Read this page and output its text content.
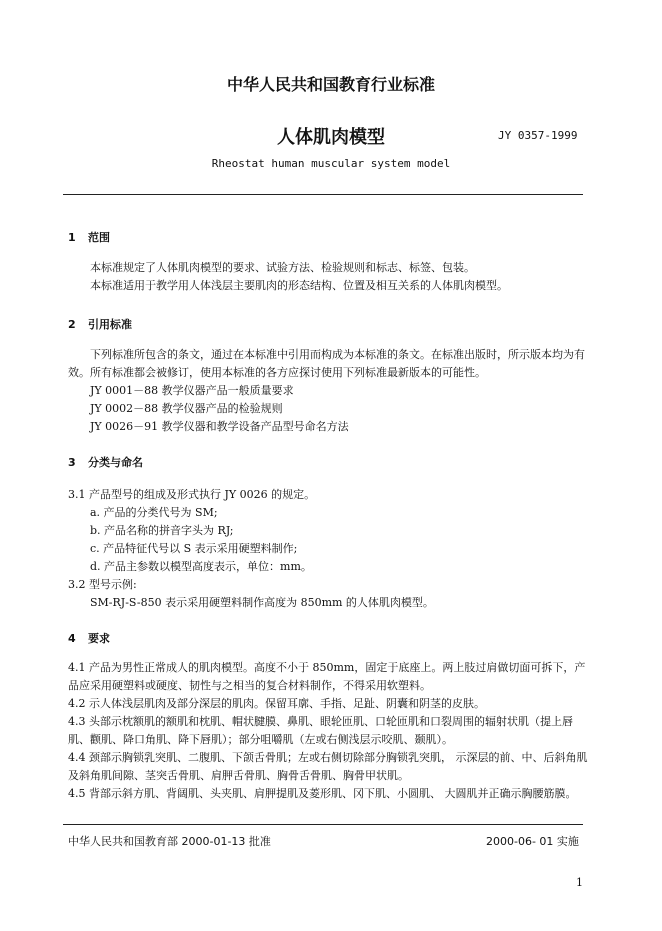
中华人民共和国教育行业标准
人体肌肉模型	JY 0357-1999
Rheostat human muscular system model
1 范围
本标准规定了人体肌肉模型的要求、试验方法、检验规则和标志、标签、包装。
本标准适用于教学用人体浅层主要肌肉的形态结构、位置及相互关系的人体肌肉模型。
2 引用标准
下列标准所包含的条文，通过在本标准中引用而构成为本标准的条文。在标准出版时，所示版本均为有效。所有标准都会被修订，使用本标准的各方应探讨使用下列标准最新版本的可能性。
JY 0001－88 教学仪器产品一般质量要求
JY 0002－88 教学仪器产品的检验规则
JY 0026－91 教学仪器和教学设备产品型号命名方法
3 分类与命名
3.1 产品型号的组成及形式执行 JY 0026 的规定。
a. 产品的分类代号为 SM;
b. 产品名称的拼音字头为 RJ;
c. 产品特征代号以 S 表示采用硬塑料制作;
d. 产品主参数以模型高度表示，单位：mm。
3.2 型号示例:
SM-RJ-S-850 表示采用硬塑料制作高度为 850mm 的人体肌肉模型。
4 要求
4.1 产品为男性正常成人的肌肉模型。高度不小于 850mm，固定于底座上。两上肢过肩做切面可拆下，产品应采用硬塑料或硬度、韧性与之相当的复合材料制作，不得采用软塑料。
4.2 示人体浅层肌肉及部分深层的肌肉。保留耳廓、手指、足趾、阴囊和阴茎的皮肤。
4.3 头部示枕额肌的额肌和枕肌、帽状腱膜、鼻肌、眼轮匝肌、口轮匝肌和口裂周围的辐射状肌（提上唇肌、颧肌、降口角肌、降下唇肌）；部分咀嚼肌（左或右侧浅层示咬肌、颞肌）。
4.4 颈部示胸锁乳突肌、二腹肌、下颌舌骨肌；左或右侧切除部分胸锁乳突肌， 示深层的前、中、后斜角肌及斜角肌间隙、茎突舌骨肌、肩胛舌骨肌、胸骨舌骨肌、胸骨甲状肌。
4.5 背部示斜方肌、背阔肌、头夹肌、肩胛提肌及菱形肌、冈下肌、小圆肌、 大圆肌并正确示胸腰筋膜。
中华人民共和国教育部 2000-01-13 批准	2000-06- 01 实施
1
